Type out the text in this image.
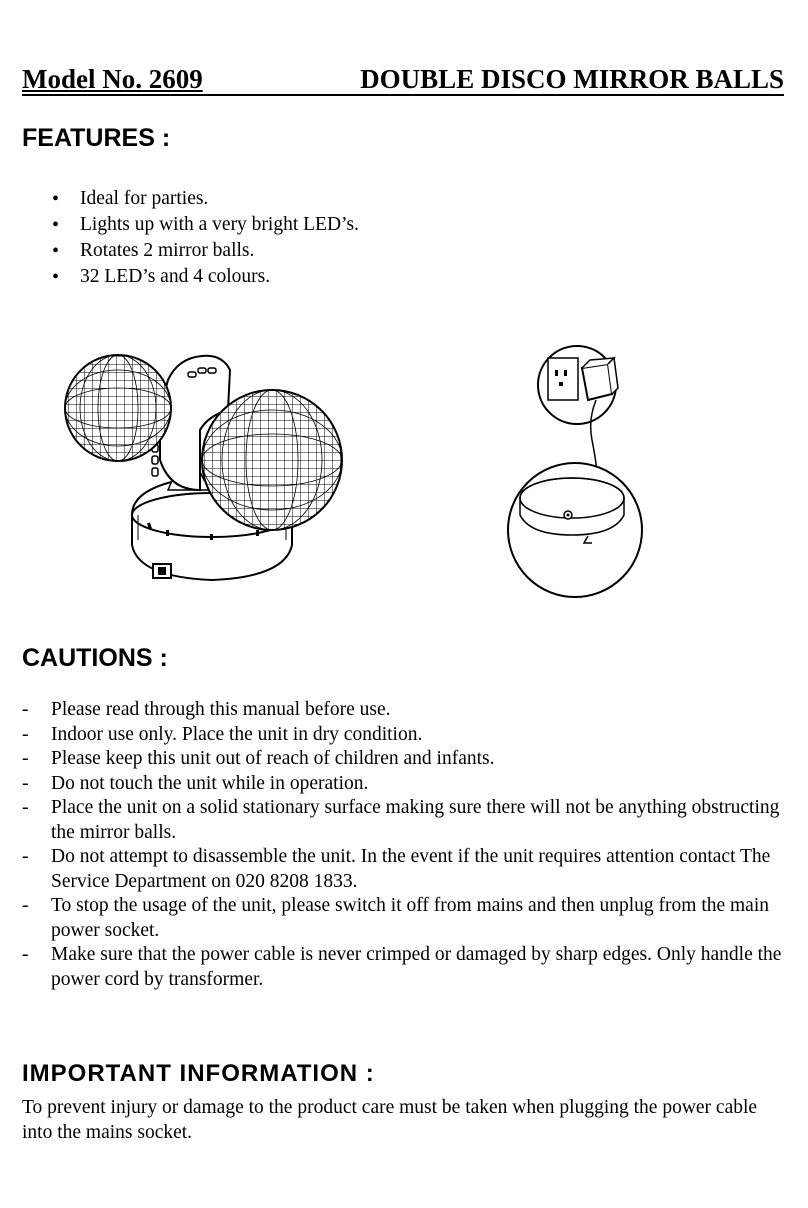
Model No. 2609	DOUBLE DISCO MIRROR BALLS
FEATURES :
• Ideal for parties.
• Lights up with a very bright LED’s.
• Rotates 2 mirror balls.
• 32 LED’s and 4 colours.
CAUTIONS :
- Please read through this manual before use.
- Indoor use only. Place the unit in dry condition.
- Please keep this unit out of reach of children and infants.
- Do not touch the unit while in operation.
- Place the unit on a solid stationary surface making sure there will not be anything obstructing the mirror balls.
- Do not attempt to disassemble the unit. In the event if the unit requires attention contact The Service Department on 020 8208 1833.
- To stop the usage of the unit, please switch it off from mains and then unplug from the main power socket.
- Make sure that the power cable is never crimped or damaged by sharp edges. Only handle the power cord by transformer.
IMPORTANT INFORMATION :

To prevent injury or damage to the product care must be taken when plugging the power cable into the mains socket.
